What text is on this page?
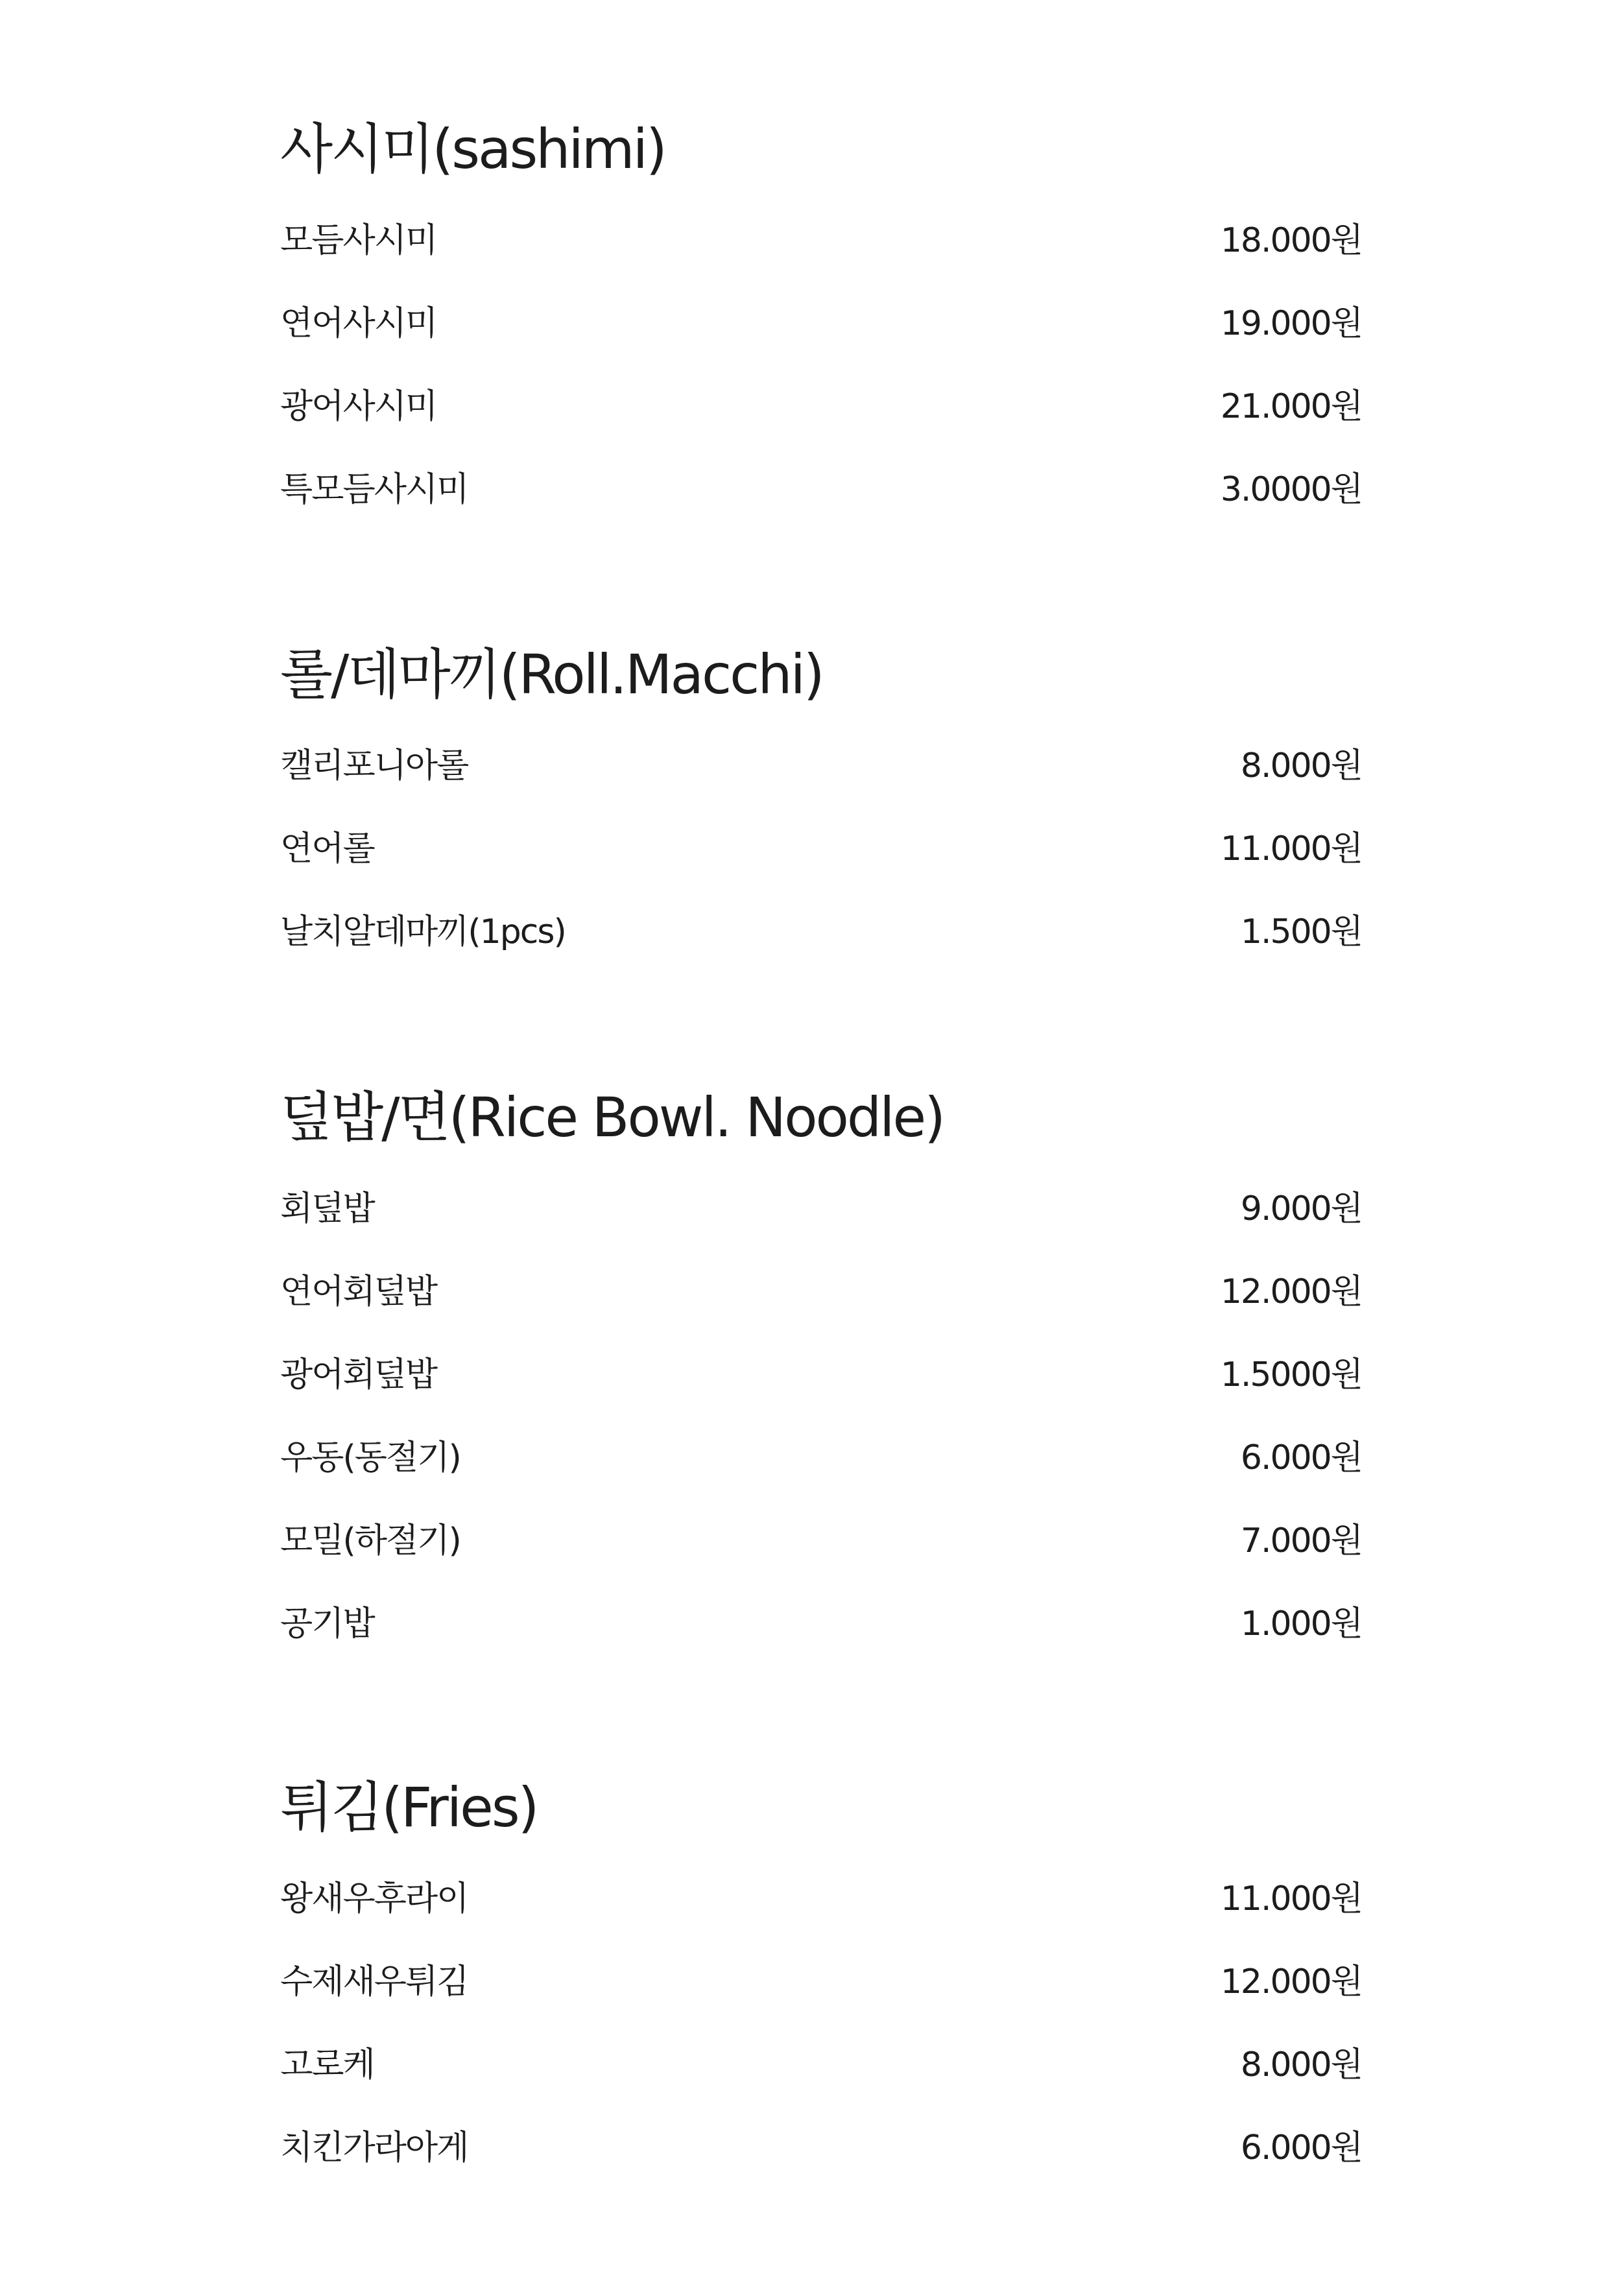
사시미(sashimi)
모듬사시미	18.000원
연어사시미	19.000원
광어사시미	21.000원
특모듬사시미	3.0000원
롤/데마끼(Roll.Macchi)
캘리포니아롤	8.000원
연어롤	11.000원
날치알데마끼(1pcs)	1.500원
덮밥/면(Rice Bowl. Noodle)
회덮밥	9.000원
연어회덮밥	12.000원
광어회덮밥	1.5000원
우동(동절기)	6.000원
모밀(하절기)	7.000원
공기밥	1.000원
튀김(Fries)
왕새우후라이	11.000원
수제새우튀김	12.000원
고로케	8.000원
치킨가라아게	6.000원
